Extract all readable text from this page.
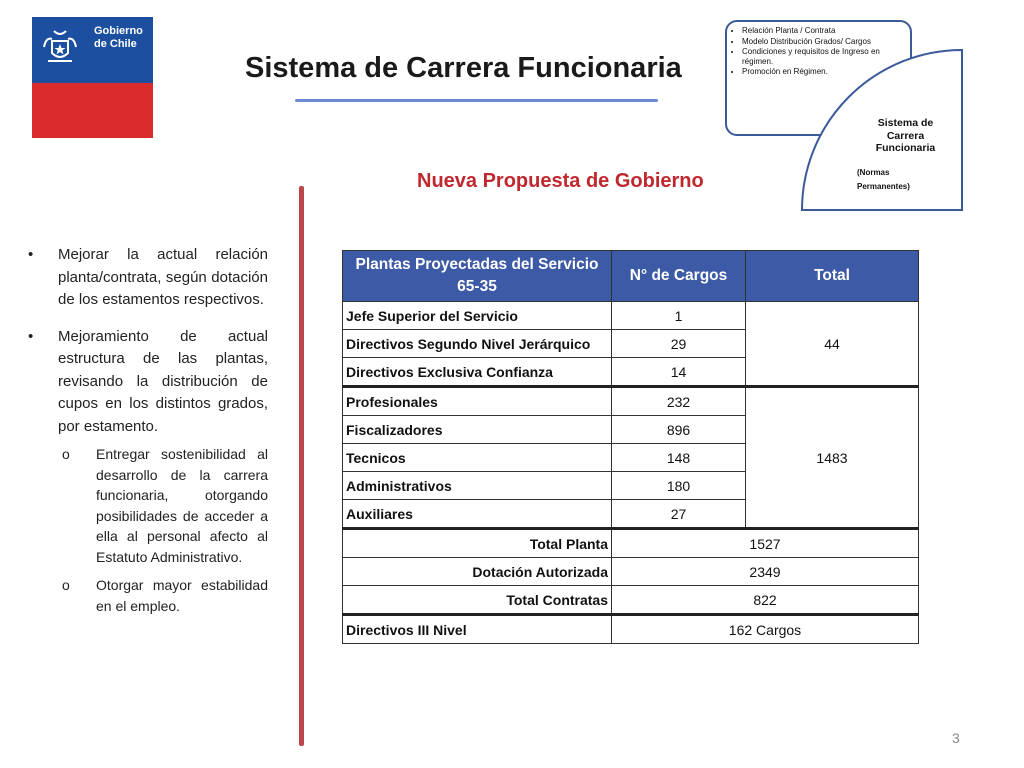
Gobierno
de Chile
Sistema de Carrera Funcionaria
• Relación Planta / Contrata
• Modelo Distribución Grados/ Cargos
• Condiciones y requisitos de Ingreso en régimen.
• Promoción en Régimen.
Sistema de Carrera Funcionaria
(Normas Permanentes)
Nueva Propuesta de Gobierno
• Mejorar la actual relación planta/contrata, según dotación de los estamentos respectivos.
• Mejoramiento de actual estructura de las plantas, revisando la distribución de cupos en los distintos grados, por estamento.
o Entregar sostenibilidad al desarrollo de la carrera funcionaria, otorgando posibilidades de acceder a ella al personal afecto al Estatuto Administrativo.
o Otorgar mayor estabilidad en el empleo.
Plantas Proyectadas del Servicio 65-35	N° de Cargos	Total
Jefe Superior del Servicio	1	44
Directivos Segundo Nivel Jerárquico	29	
Directivos Exclusiva Confianza	14	
Profesionales	232	1483
Fiscalizadores	896	
Tecnicos	148	
Administrativos	180	
Auxiliares	27	
Total Planta	1527	
Dotación Autorizada	2349	
Total Contratas	822	
Directivos III Nivel	162 Cargos	
3
